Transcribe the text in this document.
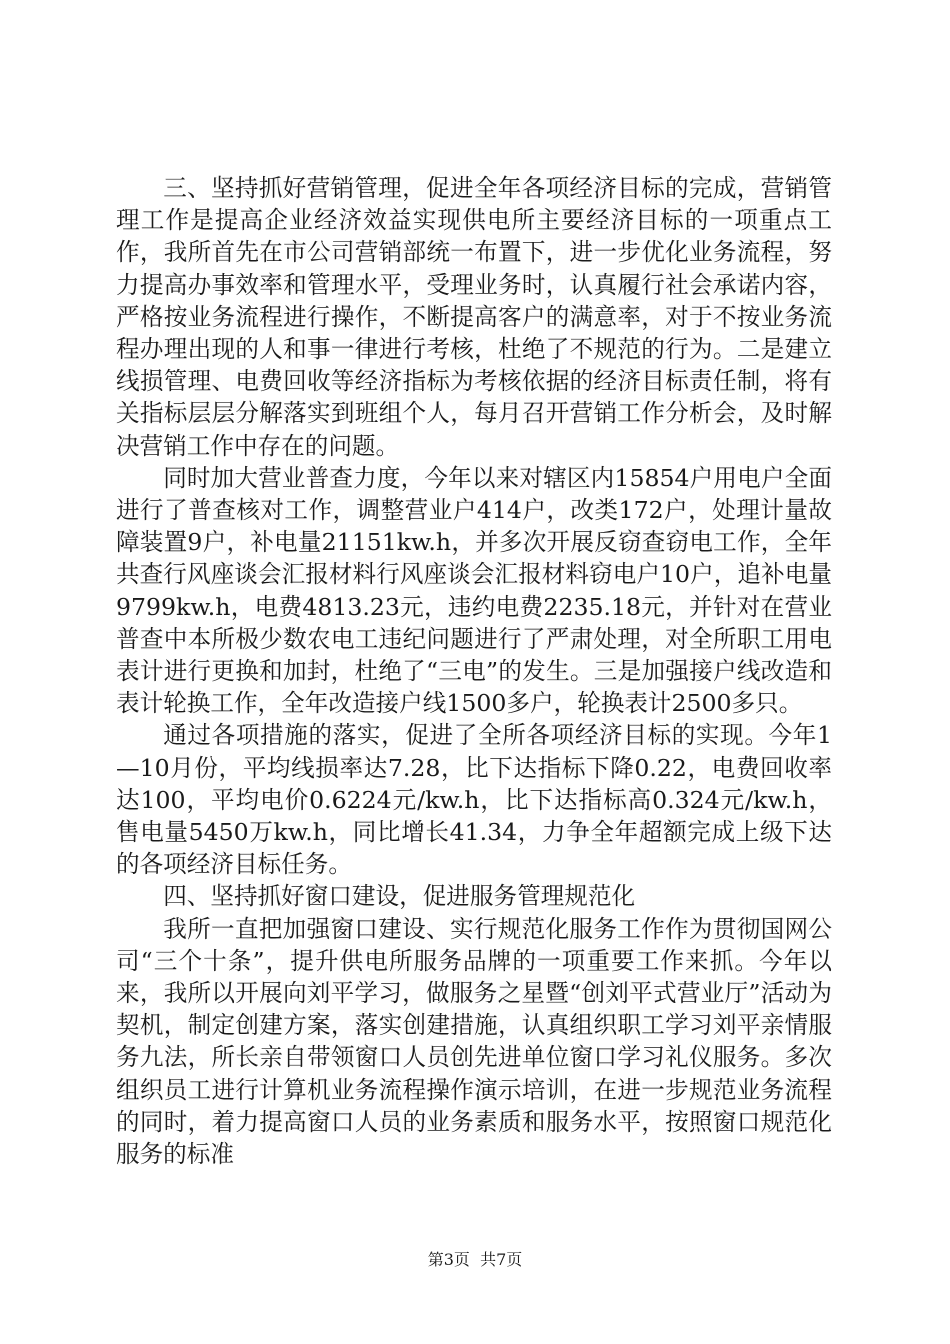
三、坚持抓好营销管理，促进全年各项经济目标的完成，营销管理工作是提高企业经济效益实现供电所主要经济目标的一项重点工作，我所首先在市公司营销部统一布置下，进一步优化业务流程，努力提高办事效率和管理水平，受理业务时，认真履行社会承诺内容，严格按业务流程进行操作，不断提高客户的满意率，对于不按业务流程办理出现的人和事一律进行考核，杜绝了不规范的行为。二是建立线损管理、电费回收等经济指标为考核依据的经济目标责任制，将有关指标层层分解落实到班组个人，每月召开营销工作分析会，及时解决营销工作中存在的问题。

同时加大营业普查力度，今年以来对辖区内15854户用电户全面进行了普查核对工作，调整营业户414户，改类172户，处理计量故障装置9户，补电量21151kw.h，并多次开展反窃查窃电工作，全年共查行风座谈会汇报材料行风座谈会汇报材料窃电户10户，追补电量9799kw.h，电费4813.23元，违约电费2235.18元，并针对在营业普查中本所极少数农电工违纪问题进行了严肃处理，对全所职工用电表计进行更换和加封，杜绝了“三电”的发生。三是加强接户线改造和表计轮换工作，全年改造接户线1500多户，轮换表计2500多只。

通过各项措施的落实，促进了全所各项经济目标的实现。今年1—10月份，平均线损率达7.28，比下达指标下降0.22，电费回收率达100，平均电价0.6224元/kw.h，比下达指标高0.324元/kw.h，售电量5450万kw.h，同比增长41.34，力争全年超额完成上级下达的各项经济目标任务。

四、坚持抓好窗口建设，促进服务管理规范化

我所一直把加强窗口建设、实行规范化服务工作作为贯彻国网公司“三个十条”，提升供电所服务品牌的一项重要工作来抓。今年以来，我所以开展向刘平学习，做服务之星暨“创刘平式营业厅”活动为契机，制定创建方案，落实创建措施，认真组织职工学习刘平亲情服务九法，所长亲自带领窗口人员创先进单位窗口学习礼仪服务。多次组织员工进行计算机业务流程操作演示培训，在进一步规范业务流程的同时，着力提高窗口人员的业务素质和服务水平，按照窗口规范化服务的标准

第3页  共7页
